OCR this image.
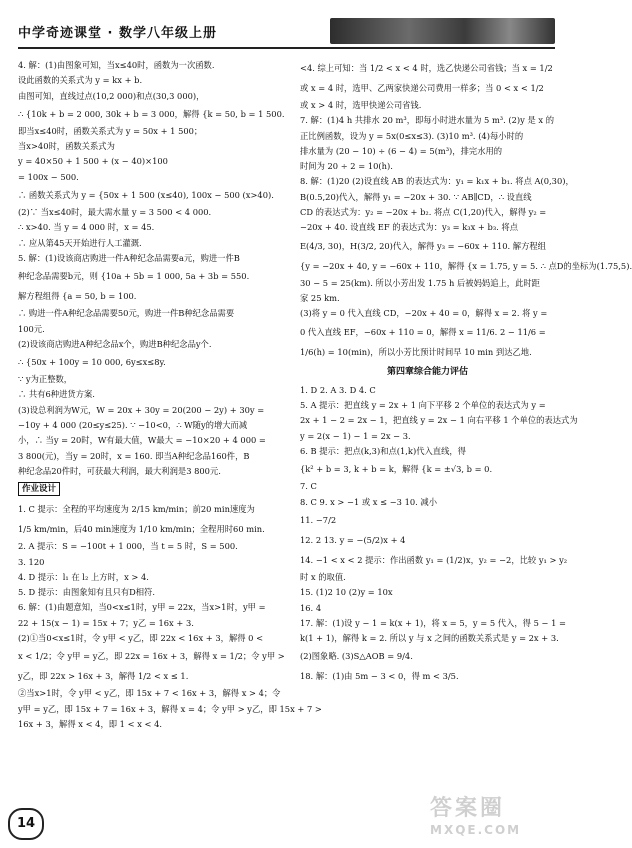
中学奇迹课堂 · 数学八年级上册
4. 解：(1)由图象可知，当x≤40时，函数为一次函数.
设此函数的关系式为 y = kx + b.
由图可知，直线过点(10,2 000)和点(30,3 000)，
∴ {10k + b = 2 000, 30k + b = 3 000，解得 {k = 50, b = 1 500.
即当x≤40时，函数关系式为 y = 50x + 1 500；
当x>40时，函数关系式为
y = 40×50 + 1 500 + (x − 40)×100
= 100x − 500.
∴ 函数关系式为 y = {50x + 1 500 (x≤40), 100x − 500 (x>40).
(2)∵ 当x≤40时，最大需水量 y = 3 500 < 4 000.
∴ x>40. 当 y = 4 000 时，x = 45.
∴ 应从第45天开始进行人工灌溉.
5. 解：(1)设该商店购进一件A种纪念品需要a元，购进一件B
种纪念品需要b元，则 {10a + 5b = 1 000, 5a + 3b = 550.
解方程组得 {a = 50, b = 100.
∴ 购进一件A种纪念品需要50元，购进一件B种纪念品需要
100元.
(2)设该商店购进A种纪念品x个，购进B种纪念品y个.
∴ {50x + 100y = 10 000, 6y≤x≤8y.
∵ y为正整数，
∴ 共有6种进货方案.
(3)设总利润为W元，W = 20x + 30y = 20(200 − 2y) + 30y =
−10y + 4 000 (20≤y≤25). ∵ −10<0，∴ W随y的增大而减
小，∴ 当y = 20时，W有最大值，W最大 = −10×20 + 4 000 =
3 800(元)，当y = 20时，x = 160. 即当A种纪念品160件，B
种纪念品20件时，可获最大利润，最大利润是3 800元.
作业设计
1. C 提示：全程的平均速度为 2/15 km/min；前20 min速度为
1/5 km/min，后40 min速度为 1/10 km/min；全程用时60 min.
2. A 提示：S = −100t + 1 000，当 t = 5 时，S = 500.
3. 120
4. D 提示：l₁ 在 l₂ 上方时，x > 4.
5. D 提示：由图象知有且只有D相符.
6. 解：(1)由题意知，当0<x≤1时，y甲 = 22x，当x>1时，y甲 =
22 + 15(x − 1) = 15x + 7；y乙 = 16x + 3.
(2)①当0<x≤1时，令 y甲 < y乙，即 22x < 16x + 3，解得 0 <
x < 1/2；令 y甲 = y乙，即 22x = 16x + 3，解得 x = 1/2；令 y甲 >
y乙，即 22x > 16x + 3，解得 1/2 < x ≤ 1.
②当x>1时，令 y甲 < y乙，即 15x + 7 < 16x + 3，解得 x > 4；令
y甲 = y乙，即 15x + 7 = 16x + 3，解得 x = 4；令 y甲 > y乙，即 15x + 7 >
16x + 3，解得 x < 4，即 1 < x < 4.
<4. 综上可知：当 1/2 < x < 4 时，选乙快递公司省钱；当 x = 1/2
或 x = 4 时，选甲、乙两家快递公司费用一样多；当 0 < x < 1/2
或 x > 4 时，选甲快递公司省钱.
7. 解：(1)4 h 共排水 20 m³，即每小时进水量为 5 m³. (2)y 是 x 的
正比例函数，设为 y = 5x(0≤x≤3). (3)10 m³. (4)每小时的
排水量为 (20 − 10) ÷ (6 − 4) = 5(m³)，排完水用的
时间为 20 ÷ 2 = 10(h).
8. 解：(1)20 (2)设直线 AB 的表达式为：y₁ = k₁x + b₁. 将点 A(0,30)，
B(0.5,20)代入，解得 y₁ = −20x + 30. ∵ AB∥CD，∴ 设直线
CD 的表达式为：y₂ = −20x + b₂. 将点 C(1,20)代入，解得 y₂ =
−20x + 40. 设直线 EF 的表达式为：y₃ = k₃x + b₃. 将点
E(4/3, 30)，H(3/2, 20)代入，解得 y₃ = −60x + 110. 解方程组
{y = −20x + 40, y = −60x + 110，解得 {x = 1.75, y = 5. ∴ 点D的坐标为(1.75,5).
30 − 5 = 25(km). 所以小芳出发 1.75 h 后被妈妈追上，此时距
家 25 km.
(3)将 y = 0 代入直线 CD，−20x + 40 = 0，解得 x = 2. 将 y =
0 代入直线 EF，−60x + 110 = 0，解得 x = 11/6. 2 − 11/6 =
1/6(h) = 10(min)，所以小芳比预计时间早 10 min 到达乙地.
第四章综合能力评估
1. D 2. A 3. D 4. C
5. A 提示：把直线 y = 2x + 1 向下平移 2 个单位的表达式为 y =
2x + 1 − 2 = 2x − 1，把直线 y = 2x − 1 向右平移 1 个单位的表达式为
y = 2(x − 1) − 1 = 2x − 3.
6. B 提示：把点(k,3)和点(1,k)代入直线，得
{k² + b = 3, k + b = k，解得 {k = ±√3, b = 0.
7. C
8. C 9. x > −1 或 x ≤ −3 10. 减小
11. −7/2
12. 2 13. y = −(5/2)x + 4
14. −1 < x < 2 提示：作出函数 y₁ = (1/2)x，y₂ = −2，比较 y₁ > y₂
时 x 的取值.
15. (1)2 10 (2)y = 10x
16. 4
17. 解：(1)设 y − 1 = k(x + 1)，将 x = 5，y = 5 代入，得 5 − 1 =
k(1 + 1)，解得 k = 2. 所以 y 与 x 之间的函数关系式是 y = 2x + 3.
(2)图象略. (3)S△AOB = 9/4.
18. 解：(1)由 5m − 3 < 0，得 m < 3/5.
14
答案圈
MXQE.COM
